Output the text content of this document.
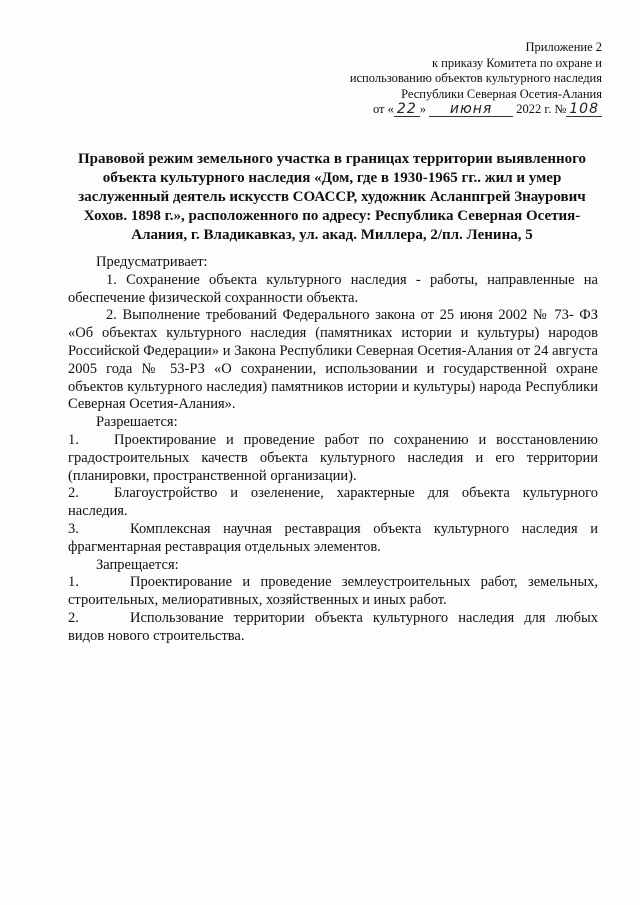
Приложение 2
к приказу Комитета по охране и
использованию объектов культурного наследия
Республики Северная Осетия-Алания
от « 22 » июня 2022 г. № 108
Правовой режим земельного участка в границах территории выявленного объекта культурного наследия «Дом, где в 1930-1965 гг.. жил и умер заслуженный деятель искусств СОАССР, художник Асланпгрей Знаурович Хохов. 1898 г.», расположенного по адресу: Республика Северная Осетия-Алания, г. Владикавказ, ул. акад. Миллера, 2/пл. Ленина, 5

Предусматривает:

1. Сохранение объекта культурного наследия - работы, направленные на обеспечение физической сохранности объекта.

2. Выполнение требований Федерального закона от 25 июня 2002 № 73- ФЗ «Об объектах культурного наследия (памятниках истории и культуры) народов Российской Федерации» и Закона Республики Северная Осетия-Алания от 24 августа 2005 года № 53-РЗ «О сохранении, использовании и государственной охране объектов культурного наследия) памятников истории и культуры) народа Республики Северная Осетия-Алания».

Разрешается:

1. Проектирование и проведение работ по сохранению и восстановлению градостроительных качеств объекта культурного наследия и его территории (планировки, пространственной организации).

2. Благоустройство и озеленение, характерные для объекта культурного наследия.

3.	Комплексная научная реставрация объекта культурного наследия и фрагментарная реставрация отдельных элементов.

Запрещается:

1.	Проектирование и проведение землеустроительных работ, земельных, строительных, мелиоративных, хозяйственных и иных работ.

2.	Использование территории объекта культурного наследия для любых видов нового строительства.
